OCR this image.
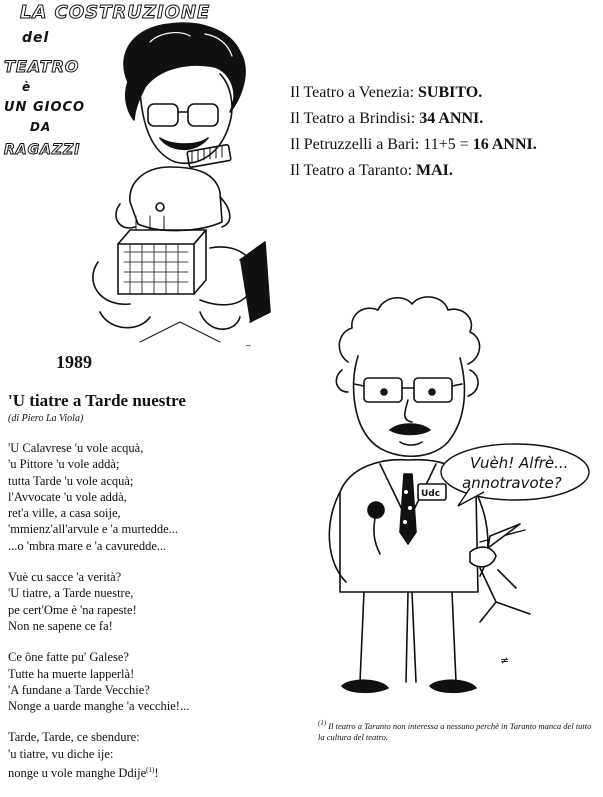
LA COSTRUZIONE
del
TEATRO
è
UN GIOCO
DA
RAGAZZI
~
Il Teatro a Venezia: SUBITO.
Il Teatro a Brindisi: 34 ANNI.
Il Petruzzelli a Bari: 11+5 = 16 ANNI.
Il Teatro a Taranto: MAI.
1989
'U tiatre a Tarde nuestre
(di Piero La Viola)
'U Calavrese 'u vole acquà,
'u Pittore 'u vole addà;
tutta Tarde 'u vole acquà;
l'Avvocate 'u vole addà,
ret'a ville, a casa soije,
'mmienz'all'arvule e 'a murtedde...
...o 'mbra mare e 'a cavuredde...
Vuè cu sacce 'a verità?
'U tiatre, a Tarde nuestre,
pe cert'Ome è 'na rapeste!
Non ne sapene ce fa!
Ce ône fatte pu' Galese?
Tutte ha muerte lapperlà!
'A fundane a Tarde Vecchie?
Nonge a uarde manghe 'a vecchie!...
Tarde, Tarde, ce sbendure:
'u tiatre, vu diche ije:
nonge u vole manghe Ddije$^{(1)}$!
Vuèh! Alfrè...
annotravote?
Udc
≠
$^{(1)}$ Il teatro a Taranto non interessa a nessuno perchè in Taranto manca del tutto la cultura del teatro.
